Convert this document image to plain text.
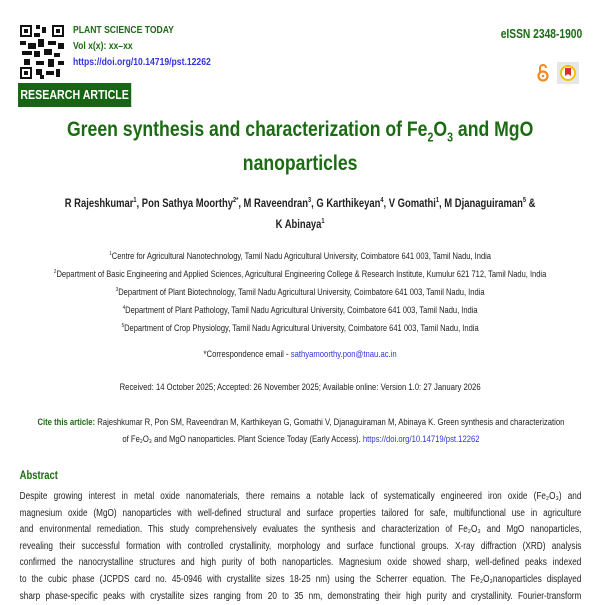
PLANT SCIENCE TODAY
Vol x(x): xx–xx
https://doi.org/10.14719/pst.12262
eISSN 2348-1900
RESEARCH ARTICLE
Green synthesis and characterization of $Fe_2O_3$ and MgO
nanoparticles
R Rajeshkumar$^1$, Pon Sathya Moorthy$^{2*}$, M Raveendran$^3$, G Karthikeyan$^4$, V Gomathi$^1$, M Djanaguiraman$^5$ &
K Abinaya$^1$
$^1$Centre for Agricultural Nanotechnology, Tamil Nadu Agricultural University, Coimbatore 641 003, Tamil Nadu, India
$^2$Department of Basic Engineering and Applied Sciences, Agricultural Engineering College & Research Institute, Kumulur 621 712, Tamil Nadu, India
$^3$Department of Plant Biotechnology, Tamil Nadu Agricultural University, Coimbatore 641 003, Tamil Nadu, India
$^4$Department of Plant Pathology, Tamil Nadu Agricultural University, Coimbatore 641 003, Tamil Nadu, India
$^5$Department of Crop Physiology, Tamil Nadu Agricultural University, Coimbatore 641 003, Tamil Nadu, India
*Correspondence email - sathyamoorthy.pon@tnau.ac.in
Received: 14 October 2025; Accepted: 26 November 2025; Available online: Version 1.0: 27 January 2026
Cite this article: Rajeshkumar R, Pon SM, Raveendran M, Karthikeyan G, Gomathi V, Djanaguiraman M, Abinaya K. Green synthesis and characterization
of Fe₂O₃ and MgO nanoparticles. Plant Science Today (Early Access). https://doi.org/10.14719/pst.12262
Abstract
Despite growing interest in metal oxide nanomaterials, there remains a notable lack of systematically engineered iron oxide (Fe₂O₃) and
magnesium oxide (MgO) nanoparticles with well-defined structural and surface properties tailored for safe, multifunctional use in agriculture
and environmental remediation. This study comprehensively evaluates the synthesis and characterization of Fe₂O₃ and MgO nanoparticles,
revealing their successful formation with controlled crystallinity, morphology and surface functional groups. X-ray diffraction (XRD) analysis
confirmed the nanocrystalline structures and high purity of both nanoparticles. Magnesium oxide showed sharp, well-defined peaks indexed
to the cubic phase (JCPDS card no. 45-0946 with crystallite sizes 18-25 nm) using the Scherrer equation. The Fe₂O₃nanoparticles displayed
sharp phase-specific peaks with crystallite sizes ranging from 20 to 35 nm, demonstrating their high purity and crystallinity. Fourier-transform
